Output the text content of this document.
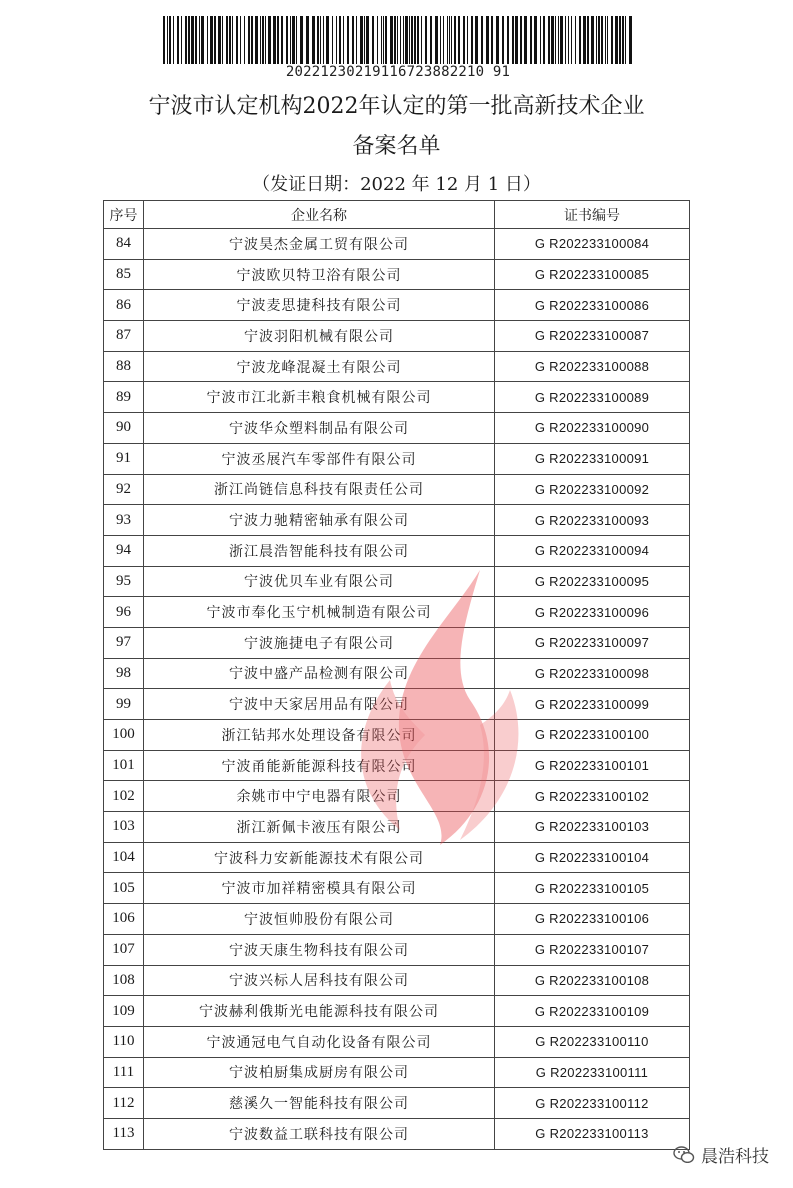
20221230219116723882210 91
宁波市认定机构2022年认定的第一批高新技术企业
备案名单
（发证日期：2022 年 12 月 1 日）
序号	企业名称	证书编号
84	宁波昊杰金属工贸有限公司	G R202233100084
85	宁波欧贝特卫浴有限公司	G R202233100085
86	宁波麦思捷科技有限公司	G R202233100086
87	宁波羽阳机械有限公司	G R202233100087
88	宁波龙峰混凝土有限公司	G R202233100088
89	宁波市江北新丰粮食机械有限公司	G R202233100089
90	宁波华众塑料制品有限公司	G R202233100090
91	宁波丞展汽车零部件有限公司	G R202233100091
92	浙江尚链信息科技有限责任公司	G R202233100092
93	宁波力驰精密轴承有限公司	G R202233100093
94	浙江晨浩智能科技有限公司	G R202233100094
95	宁波优贝车业有限公司	G R202233100095
96	宁波市奉化玉宁机械制造有限公司	G R202233100096
97	宁波施捷电子有限公司	G R202233100097
98	宁波中盛产品检测有限公司	G R202233100098
99	宁波中天家居用品有限公司	G R202233100099
100	浙江钻邦水处理设备有限公司	G R202233100100
101	宁波甬能新能源科技有限公司	G R202233100101
102	余姚市中宁电器有限公司	G R202233100102
103	浙江新佩卡液压有限公司	G R202233100103
104	宁波科力安新能源技术有限公司	G R202233100104
105	宁波市加祥精密模具有限公司	G R202233100105
106	宁波恒帅股份有限公司	G R202233100106
107	宁波天康生物科技有限公司	G R202233100107
108	宁波兴标人居科技有限公司	G R202233100108
109	宁波赫利俄斯光电能源科技有限公司	G R202233100109
110	宁波通冠电气自动化设备有限公司	G R202233100110
111	宁波柏厨集成厨房有限公司	G R202233100111
112	慈溪久一智能科技有限公司	G R202233100112
113	宁波数益工联科技有限公司	G R202233100113
晨浩科技
